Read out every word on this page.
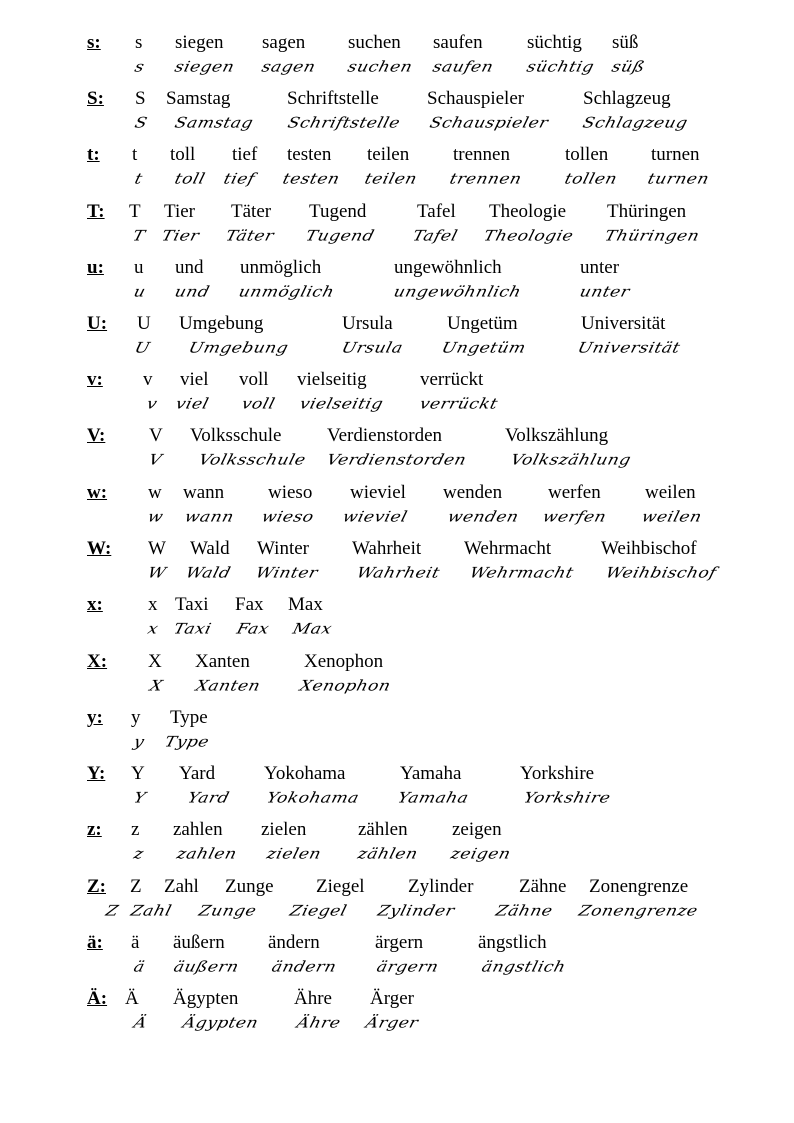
s: s siegen sagen suchen saufen süchtig süß
s siegen sagen suchen saufen süchtig süß
S: S Samstag	Schriftstelle	Schauspieler	Schlagzeug
S Samstag Schriftstelle Schauspieler Schlagzeug
t: t toll tief testen teilen trennen	tollen turnen
t toll tief testen teilen trennen tollen turnen
T: T Tier Täter Tugend	Tafel Theologie Thüringen
T Tier Täter Tugend Tafel Theologie Thüringen
u: u und unmöglich	ungewöhnlich	unter
u und unmöglich	ungewöhnlich	unter
U: U Umgebung	Ursula	Ungetüm	Universität
U Umgebung	Ursula Ungetüm	Universität
v: v viel voll vielseitig	verrückt
v viel voll vielseitig verrückt
V: V Volksschule Verdienstorden	Volkszählung
V Volksschule Verdienstorden Volkszählung
w: w wann wieso wieviel wenden werfen weilen
w wann wieso wieviel wenden werfen weilen
W: W Wald Winter Wahrheit Wehrmacht	Weihbischof
W Wald Winter Wahrheit Wehrmacht Weihbischof
x: x Taxi Fax Max
x Taxi Fax Max
X: X Xanten	Xenophon
X Xanten Xenophon
y: y Type
y Type
Y: Y Yard	Yokohama	Yamaha	Yorkshire
Y Yard Yokohama Yamaha	Yorkshire
z: z zahlen zielen	zählen zeigen
z zahlen zielen zählen zeigen
Z: Z Zahl Zunge Ziegel Zylinder Zähne Zonengrenze
Z Zahl Zunge Ziegel Zylinder Zähne Zonengrenze
ä: ä äußern ändern	ärgern	ängstlich
ä äußern ändern ärgern ängstlich
Ä: Ä Ägypten	Ähre Ärger
Ä Ägypten Ähre Ärger
